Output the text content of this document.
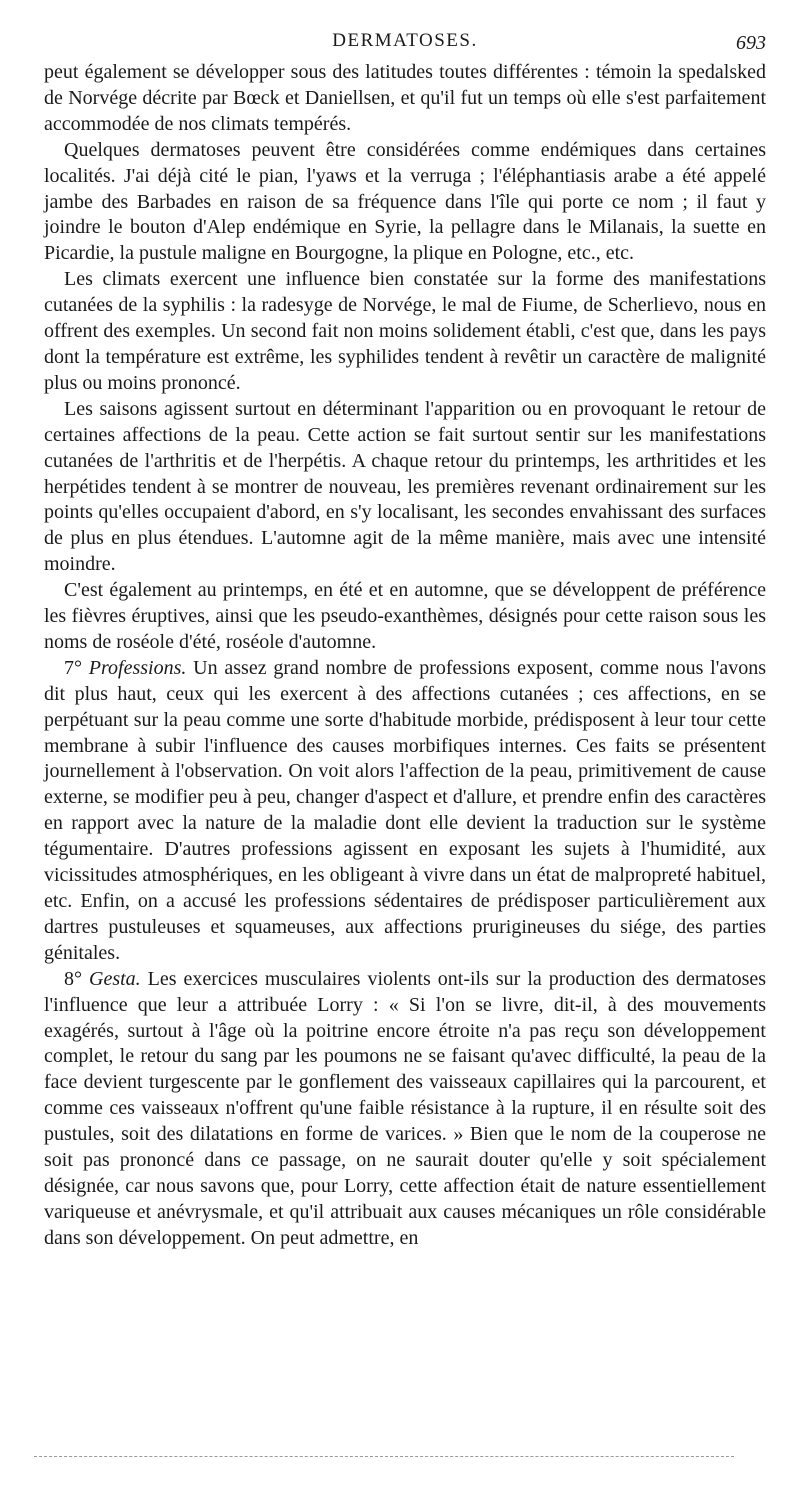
DERMATOSES.	693

peut également se développer sous des latitudes toutes différentes : témoin la spedalsked de Norvége décrite par Bœck et Daniellsen, et qu'il fut un temps où elle s'est parfaitement accommodée de nos climats tempérés.

Quelques dermatoses peuvent être considérées comme endémiques dans certaines localités. J'ai déjà cité le pian, l'yaws et la verruga ; l'éléphantiasis arabe a été appelé jambe des Barbades en raison de sa fréquence dans l'île qui porte ce nom ; il faut y joindre le bouton d'Alep endémique en Syrie, la pellagre dans le Milanais, la suette en Picardie, la pustule maligne en Bourgogne, la plique en Pologne, etc., etc.

Les climats exercent une influence bien constatée sur la forme des manifestations cutanées de la syphilis : la radesyge de Norvége, le mal de Fiume, de Scherlievo, nous en offrent des exemples. Un second fait non moins solidement établi, c'est que, dans les pays dont la température est extrême, les syphilides tendent à revêtir un caractère de malignité plus ou moins prononcé.

Les saisons agissent surtout en déterminant l'apparition ou en provoquant le retour de certaines affections de la peau. Cette action se fait surtout sentir sur les manifestations cutanées de l'arthritis et de l'herpétis. A chaque retour du printemps, les arthritides et les herpétides tendent à se montrer de nouveau, les premières revenant ordinairement sur les points qu'elles occupaient d'abord, en s'y localisant, les secondes envahissant des surfaces de plus en plus étendues. L'automne agit de la même manière, mais avec une intensité moindre.

C'est également au printemps, en été et en automne, que se développent de préférence les fièvres éruptives, ainsi que les pseudo-exanthèmes, désignés pour cette raison sous les noms de roséole d'été, roséole d'automne.

7° Professions. Un assez grand nombre de professions exposent, comme nous l'avons dit plus haut, ceux qui les exercent à des affections cutanées ; ces affections, en se perpétuant sur la peau comme une sorte d'habitude morbide, prédisposent à leur tour cette membrane à subir l'influence des causes morbifiques internes. Ces faits se présentent journellement à l'observation. On voit alors l'affection de la peau, primitivement de cause externe, se modifier peu à peu, changer d'aspect et d'allure, et prendre enfin des caractères en rapport avec la nature de la maladie dont elle devient la traduction sur le système tégumentaire. D'autres professions agissent en exposant les sujets à l'humidité, aux vicissitudes atmosphériques, en les obligeant à vivre dans un état de malpropreté habituel, etc. Enfin, on a accusé les professions sédentaires de prédisposer particulièrement aux dartres pustuleuses et squameuses, aux affections prurigineuses du siége, des parties génitales.

8° Gesta. Les exercices musculaires violents ont-ils sur la production des dermatoses l'influence que leur a attribuée Lorry : « Si l'on se livre, dit-il, à des mouvements exagérés, surtout à l'âge où la poitrine encore étroite n'a pas reçu son développement complet, le retour du sang par les poumons ne se faisant qu'avec difficulté, la peau de la face devient turgescente par le gonflement des vaisseaux capillaires qui la parcourent, et comme ces vaisseaux n'offrent qu'une faible résistance à la rupture, il en résulte soit des pustules, soit des dilatations en forme de varices. » Bien que le nom de la couperose ne soit pas prononcé dans ce passage, on ne saurait douter qu'elle y soit spécialement désignée, car nous savons que, pour Lorry, cette affection était de nature essentiellement variqueuse et anévrysmale, et qu'il attribuait aux causes mécaniques un rôle considérable dans son développement. On peut admettre, en
